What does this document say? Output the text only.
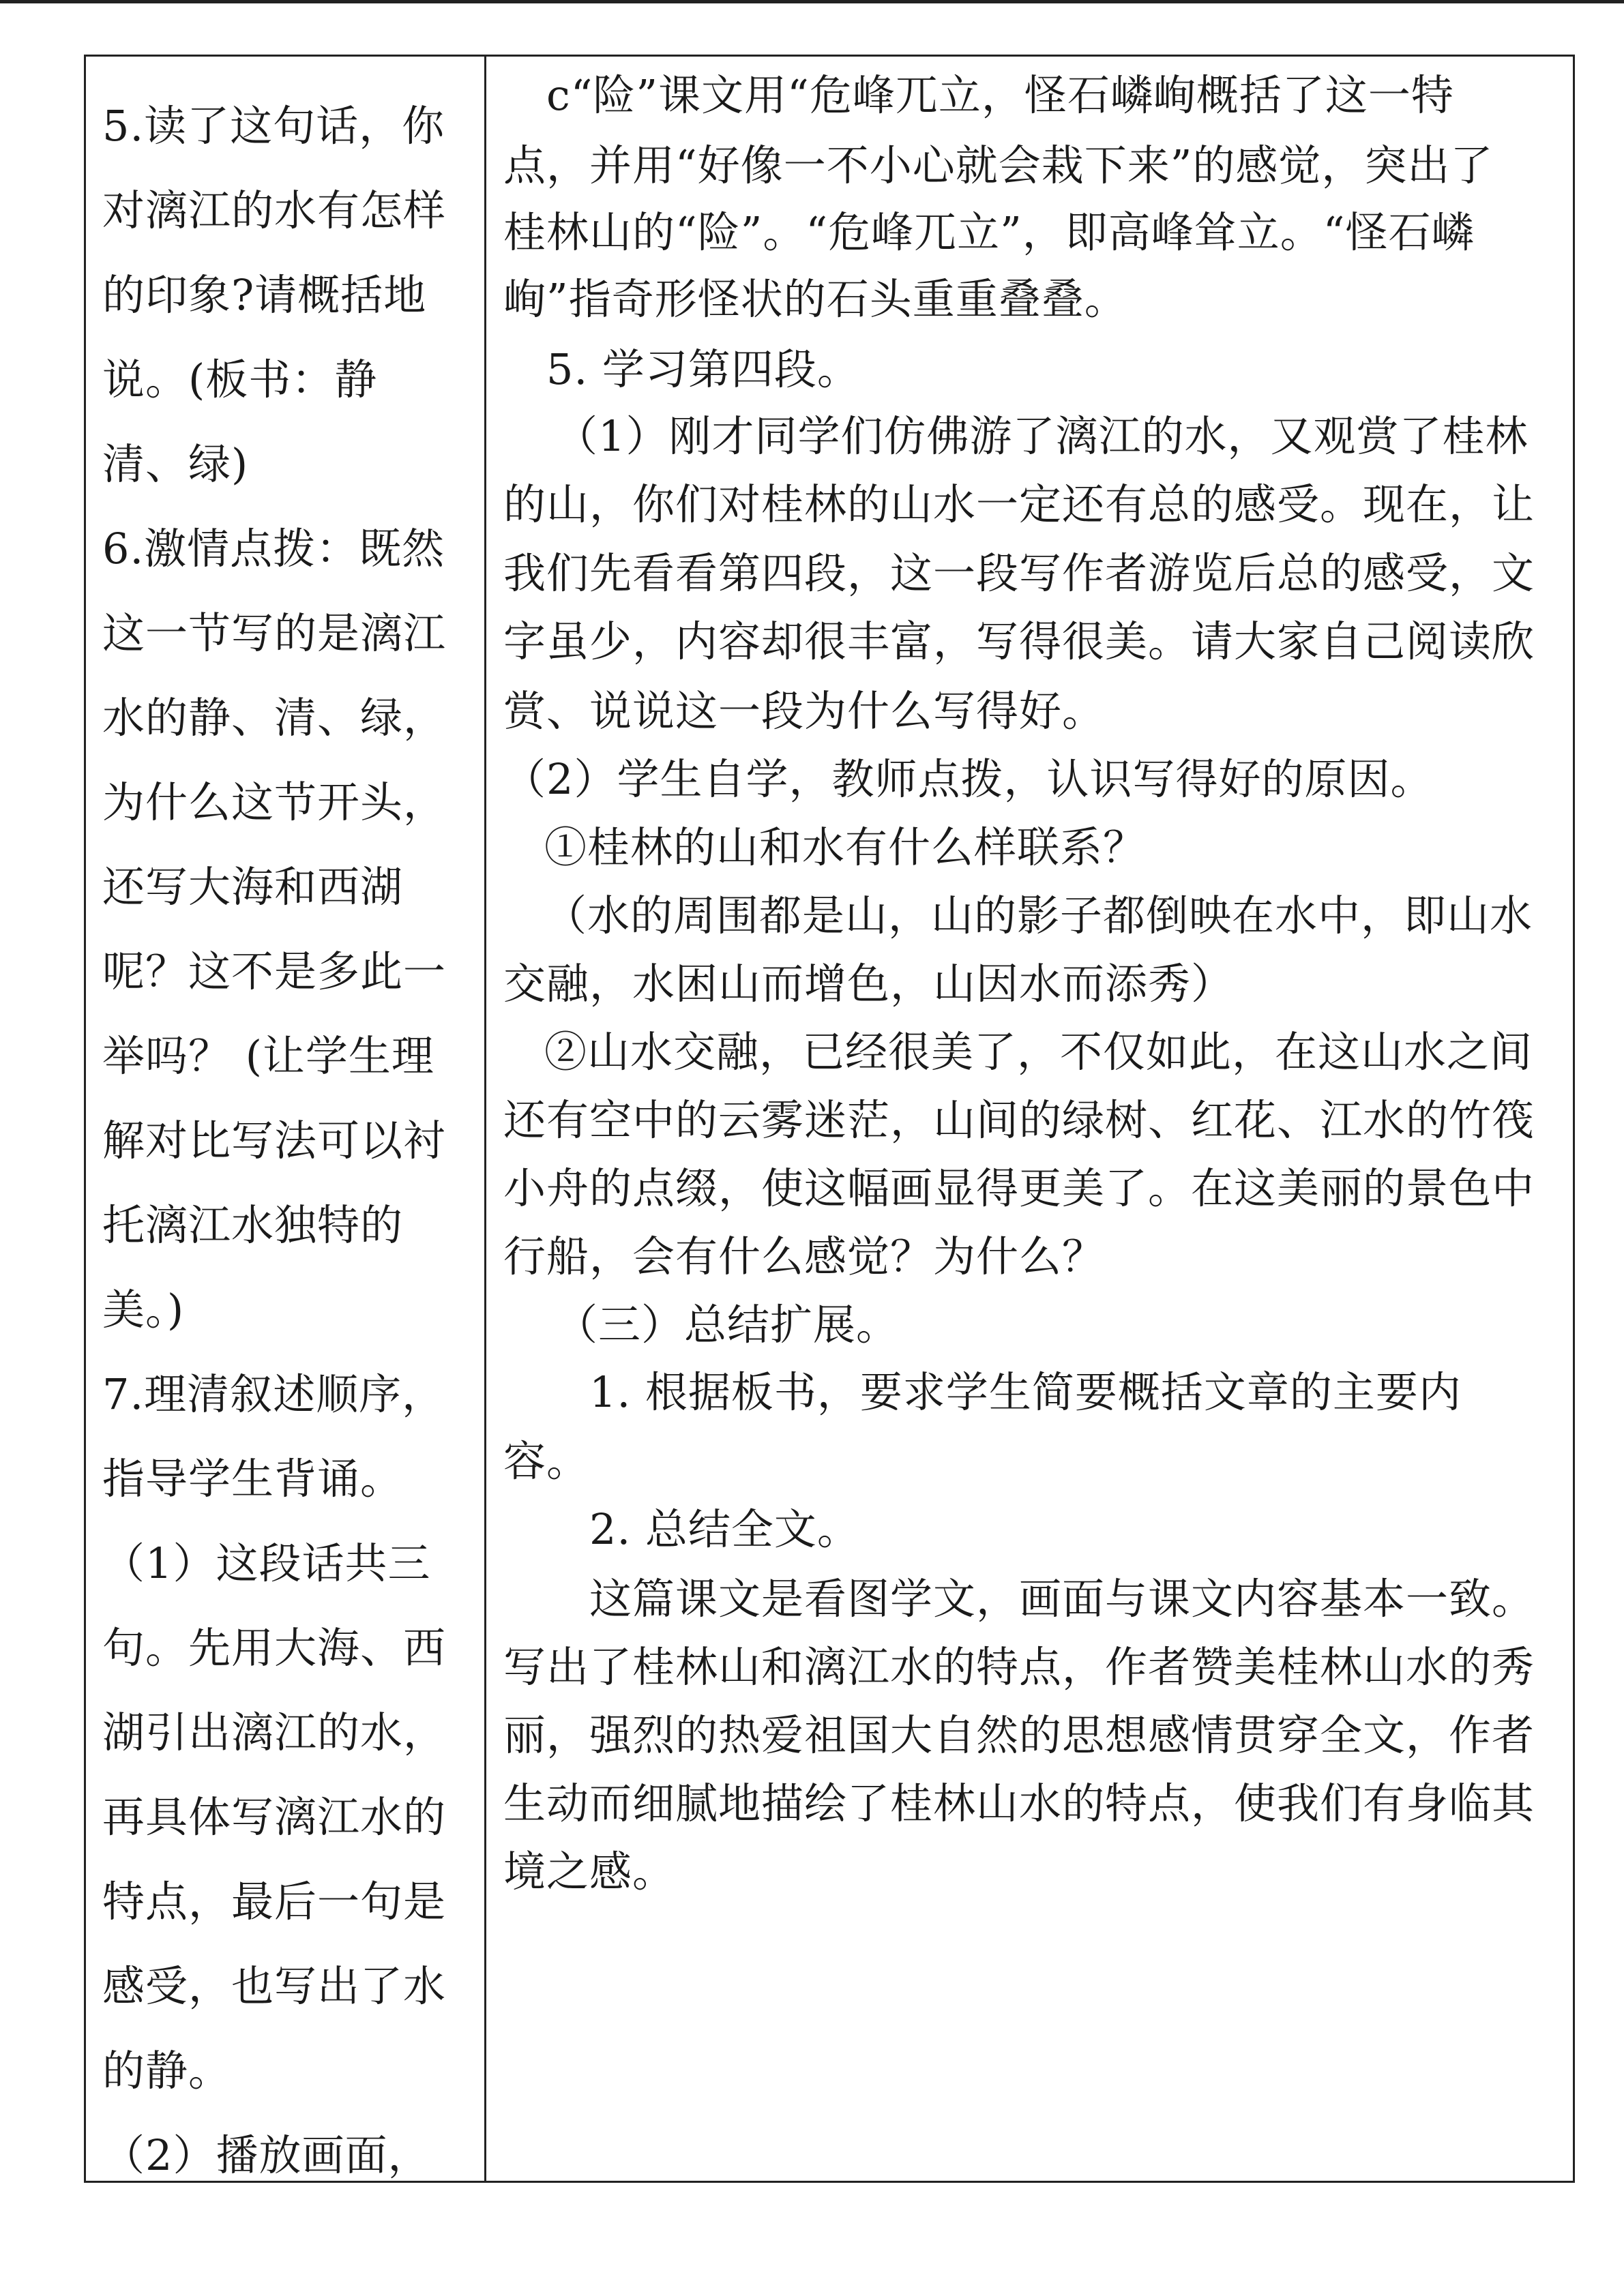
5.读了这句话，你
对漓江的水有怎样
的印象?请概括地
说。(板书：静
清、绿)
6.激情点拨：既然
这一节写的是漓江
水的静、清、绿，
为什么这节开头，
还写大海和西湖
呢？这不是多此一
举吗？ (让学生理
解对比写法可以衬
托漓江水独特的
美。)
7.理清叙述顺序，
指导学生背诵。
（1）这段话共三
句。先用大海、西
湖引出漓江的水，
再具体写漓江水的
特点，最后一句是
感受，也写出了水
的静。
（2）播放画面，
c“险”课文用“危峰兀立，怪石嶙峋概括了这一特
点，并用“好像一不小心就会栽下来”的感觉，突出了
桂林山的“险”。“危峰兀立”，即高峰耸立。“怪石嶙
峋”指奇形怪状的石头重重叠叠。
5. 学习第四段。
（1）刚才同学们仿佛游了漓江的水，又观赏了桂林
的山，你们对桂林的山水一定还有总的感受。现在，让
我们先看看第四段，这一段写作者游览后总的感受，文
字虽少，内容却很丰富，写得很美。请大家自己阅读欣
赏、说说这一段为什么写得好。
（2）学生自学，教师点拨，认识写得好的原因。
①桂林的山和水有什么样联系？
（水的周围都是山，山的影子都倒映在水中，即山水
交融，水困山而增色，山因水而添秀）
②山水交融，已经很美了，不仅如此，在这山水之间
还有空中的云雾迷茫，山间的绿树、红花、江水的竹筏
小舟的点缀，使这幅画显得更美了。在这美丽的景色中
行船，会有什么感觉？为什么？
（三）总结扩展。
1. 根据板书，要求学生简要概括文章的主要内
容。
2. 总结全文。
这篇课文是看图学文，画面与课文内容基本一致。
写出了桂林山和漓江水的特点，作者赞美桂林山水的秀
丽，强烈的热爱祖国大自然的思想感情贯穿全文，作者
生动而细腻地描绘了桂林山水的特点，使我们有身临其
境之感。
